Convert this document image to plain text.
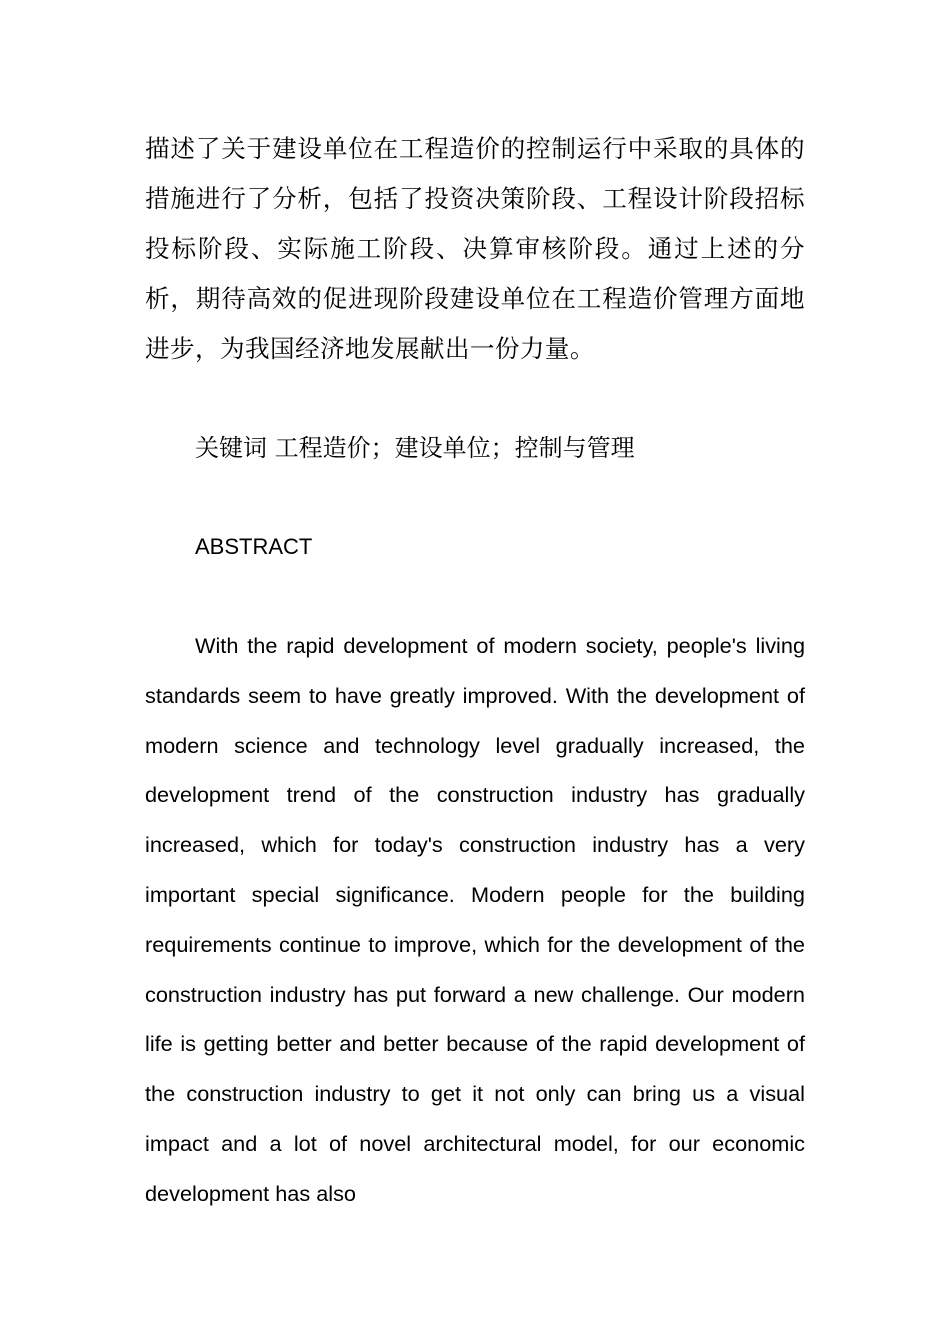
描述了关于建设单位在工程造价的控制运行中采取的具体的措施进行了分析，包括了投资决策阶段、工程设计阶段招标投标阶段、实际施工阶段、决算审核阶段。通过上述的分析，期待高效的促进现阶段建设单位在工程造价管理方面地进步，为我国经济地发展献出一份力量。

关键词 工程造价；建设单位；控制与管理

ABSTRACT

With the rapid development of modern society, people's living standards seem to have greatly improved. With the development of modern science and technology level gradually increased, the development trend of the construction industry has gradually increased, which for today's construction industry has a very important special significance. Modern people for the building requirements continue to improve, which for the development of the construction industry has put forward a new challenge. Our modern life is getting better and better because of the rapid development of the construction industry to get it not only can bring us a visual impact and a lot of novel architectural model, for our economic development has also
